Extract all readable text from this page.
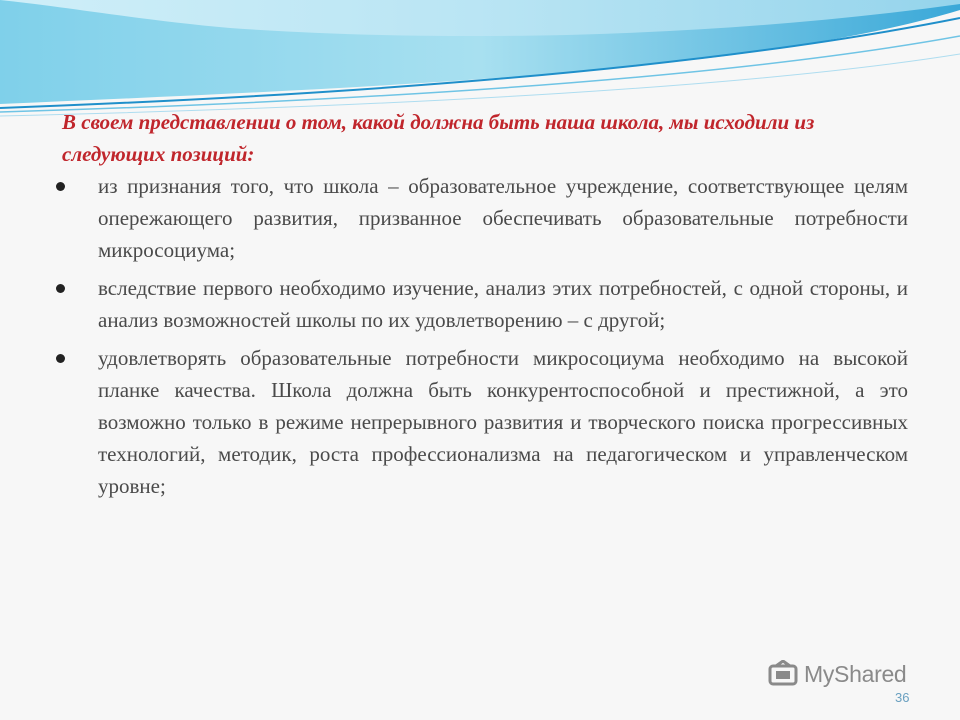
В своем представлении о том, какой должна быть наша школа, мы исходили из следующих позиций:

из признания того, что школа – образовательное учреждение, соответствующее целям опережающего развития, призванное обеспечивать образовательные потребности микросоциума;
вследствие первого необходимо изучение, анализ этих потребностей, с одной стороны, и анализ возможностей школы по их удовлетворению – с другой;
удовлетворять образовательные потребности микросоциума необходимо на высокой планке качества. Школа должна быть конкурентоспособной и престижной, а это возможно только в режиме непрерывного развития и творческого поиска прогрессивных технологий, методик, роста профессионализма на педагогическом и управленческом уровне;
MyShared
36
